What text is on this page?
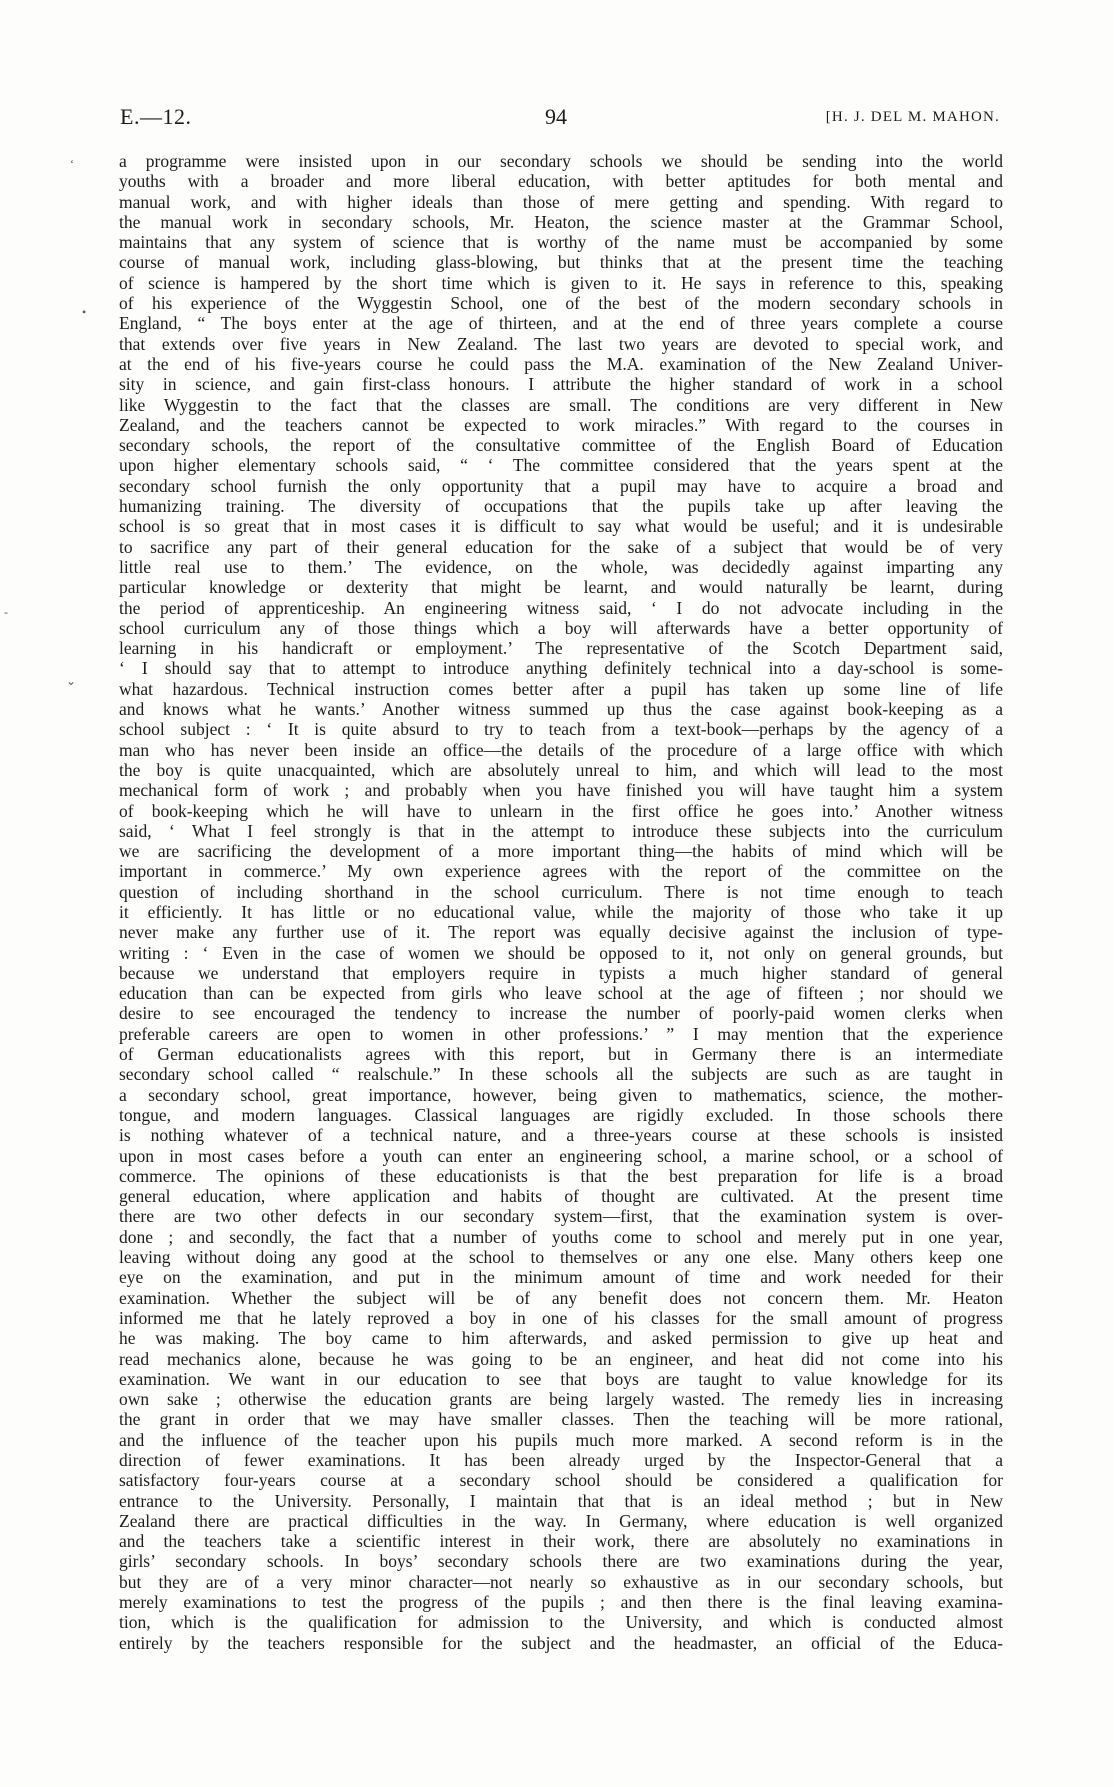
E.—12.	94	[H. J. DEL M. MAHON.
a programme were insisted upon in our secondary schools we should be sending into the world
youths with a broader and more liberal education, with better aptitudes for both mental and
manual work, and with higher ideals than those of mere getting and spending. With regard to
the manual work in secondary schools, Mr. Heaton, the science master at the Grammar School,
maintains that any system of science that is worthy of the name must be accompanied by some
course of manual work, including glass-blowing, but thinks that at the present time the teaching
of science is hampered by the short time which is given to it. He says in reference to this, speaking
of his experience of the Wyggestin School, one of the best of the modern secondary schools in
England, “ The boys enter at the age of thirteen, and at the end of three years complete a course
that extends over five years in New Zealand. The last two years are devoted to special work, and
at the end of his five-years course he could pass the M.A. examination of the New Zealand Univer-
sity in science, and gain first-class honours. I attribute the higher standard of work in a school
like Wyggestin to the fact that the classes are small. The conditions are very different in New
Zealand, and the teachers cannot be expected to work miracles.” With regard to the courses in
secondary schools, the report of the consultative committee of the English Board of Education
upon higher elementary schools said, “ ‘ The committee considered that the years spent at the
secondary school furnish the only opportunity that a pupil may have to acquire a broad and
humanizing training. The diversity of occupations that the pupils take up after leaving the
school is so great that in most cases it is difficult to say what would be useful; and it is undesirable
to sacrifice any part of their general education for the sake of a subject that would be of very
little real use to them.’ The evidence, on the whole, was decidedly against imparting any
particular knowledge or dexterity that might be learnt, and would naturally be learnt, during
the period of apprenticeship. An engineering witness said, ‘ I do not advocate including in the
school curriculum any of those things which a boy will afterwards have a better opportunity of
learning in his handicraft or employment.’ The representative of the Scotch Department said,
‘ I should say that to attempt to introduce anything definitely technical into a day-school is some-
what hazardous. Technical instruction comes better after a pupil has taken up some line of life
and knows what he wants.’ Another witness summed up thus the case against book-keeping as a
school subject : ‘ It is quite absurd to try to teach from a text-book—perhaps by the agency of a
man who has never been inside an office—the details of the procedure of a large office with which
the boy is quite unacquainted, which are absolutely unreal to him, and which will lead to the most
mechanical form of work ; and probably when you have finished you will have taught him a system
of book-keeping which he will have to unlearn in the first office he goes into.’ Another witness
said, ‘ What I feel strongly is that in the attempt to introduce these subjects into the curriculum
we are sacrificing the development of a more important thing—the habits of mind which will be
important in commerce.’ My own experience agrees with the report of the committee on the
question of including shorthand in the school curriculum. There is not time enough to teach
it efficiently. It has little or no educational value, while the majority of those who take it up
never make any further use of it. The report was equally decisive against the inclusion of type-
writing : ‘ Even in the case of women we should be opposed to it, not only on general grounds, but
because we understand that employers require in typists a much higher standard of general
education than can be expected from girls who leave school at the age of fifteen ; nor should we
desire to see encouraged the tendency to increase the number of poorly-paid women clerks when
preferable careers are open to women in other professions.’ ” I may mention that the experience
of German educationalists agrees with this report, but in Germany there is an intermediate
secondary school called “ realschule.” In these schools all the subjects are such as are taught in
a secondary school, great importance, however, being given to mathematics, science, the mother-
tongue, and modern languages. Classical languages are rigidly excluded. In those schools there
is nothing whatever of a technical nature, and a three-years course at these schools is insisted
upon in most cases before a youth can enter an engineering school, a marine school, or a school of
commerce. The opinions of these educationists is that the best preparation for life is a broad
general education, where application and habits of thought are cultivated. At the present time
there are two other defects in our secondary system—first, that the examination system is over-
done ; and secondly, the fact that a number of youths come to school and merely put in one year,
leaving without doing any good at the school to themselves or any one else. Many others keep one
eye on the examination, and put in the minimum amount of time and work needed for their
examination. Whether the subject will be of any benefit does not concern them. Mr. Heaton
informed me that he lately reproved a boy in one of his classes for the small amount of progress
he was making. The boy came to him afterwards, and asked permission to give up heat and
read mechanics alone, because he was going to be an engineer, and heat did not come into his
examination. We want in our education to see that boys are taught to value knowledge for its
own sake ; otherwise the education grants are being largely wasted. The remedy lies in increasing
the grant in order that we may have smaller classes. Then the teaching will be more rational,
and the influence of the teacher upon his pupils much more marked. A second reform is in the
direction of fewer examinations. It has been already urged by the Inspector-General that a
satisfactory four-years course at a secondary school should be considered a qualification for
entrance to the University. Personally, I maintain that that is an ideal method ; but in New
Zealand there are practical difficulties in the way. In Germany, where education is well organized
and the teachers take a scientific interest in their work, there are absolutely no examinations in
girls’ secondary schools. In boys’ secondary schools there are two examinations during the year,
but they are of a very minor character—not nearly so exhaustive as in our secondary schools, but
merely examinations to test the progress of the pupils ; and then there is the final leaving examina-
tion, which is the qualification for admission to the University, and which is conducted almost
entirely by the teachers responsible for the subject and the headmaster, an official of the Educa-
‘
•
-
⌄
